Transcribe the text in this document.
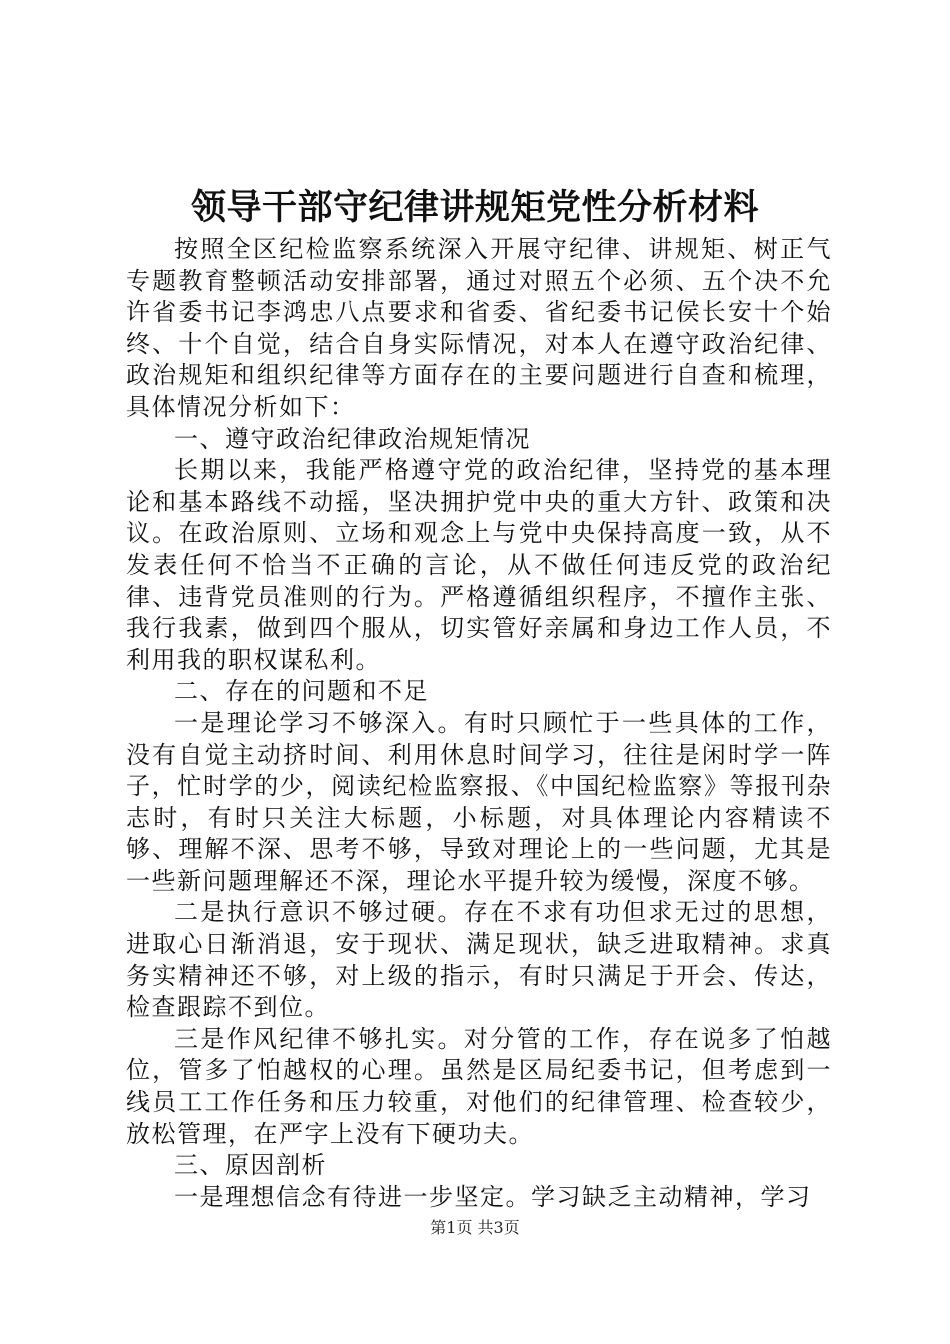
领导干部守纪律讲规矩党性分析材料

按照全区纪检监察系统深入开展守纪律、讲规矩、树正气专题教育整顿活动安排部署，通过对照五个必须、五个决不允许省委书记李鸿忠八点要求和省委、省纪委书记侯长安十个始终、十个自觉，结合自身实际情况，对本人在遵守政治纪律、政治规矩和组织纪律等方面存在的主要问题进行自查和梳理，具体情况分析如下：

一、遵守政治纪律政治规矩情况

长期以来，我能严格遵守党的政治纪律，坚持党的基本理论和基本路线不动摇，坚决拥护党中央的重大方针、政策和决议。在政治原则、立场和观念上与党中央保持高度一致，从不发表任何不恰当不正确的言论，从不做任何违反党的政治纪律、违背党员准则的行为。严格遵循组织程序，不擅作主张、我行我素，做到四个服从，切实管好亲属和身边工作人员，不利用我的职权谋私利。

二、存在的问题和不足

一是理论学习不够深入。有时只顾忙于一些具体的工作，没有自觉主动挤时间、利用休息时间学习，往往是闲时学一阵子，忙时学的少，阅读纪检监察报、《中国纪检监察》等报刊杂志时，有时只关注大标题，小标题，对具体理论内容精读不够、理解不深、思考不够，导致对理论上的一些问题，尤其是一些新问题理解还不深，理论水平提升较为缓慢，深度不够。

二是执行意识不够过硬。存在不求有功但求无过的思想，进取心日渐消退，安于现状、满足现状，缺乏进取精神。求真务实精神还不够，对上级的指示，有时只满足于开会、传达，检查跟踪不到位。

三是作风纪律不够扎实。对分管的工作，存在说多了怕越位，管多了怕越权的心理。虽然是区局纪委书记，但考虑到一线员工工作任务和压力较重，对他们的纪律管理、检查较少，放松管理，在严字上没有下硬功夫。

三、原因剖析

一是理想信念有待进一步坚定。学习缺乏主动精神，学习

第1页 共3页
